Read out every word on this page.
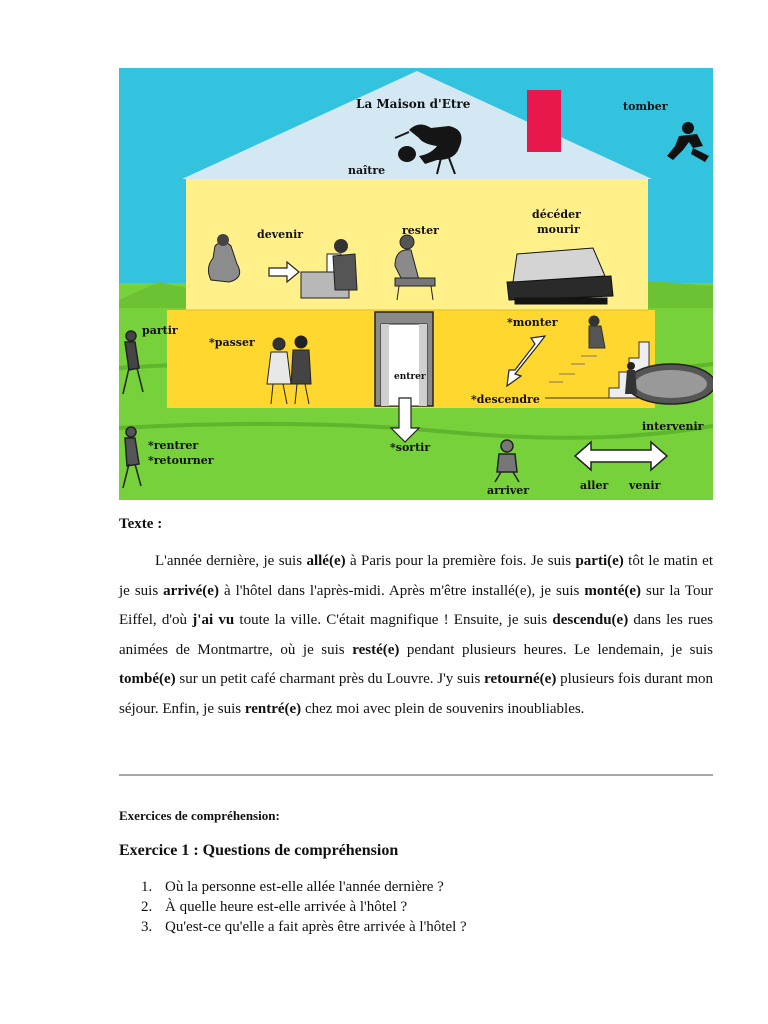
La Maison d'Etre
naître
tomber
devenir	rester
décéder
mourir
partir
*passer
entrer
*monter
*descendre
intervenir
*rentrer
*retourner
*sortir
arriver	aller venir

Texte :

L'année dernière, je suis allé(e) à Paris pour la première fois. Je suis parti(e) tôt le matin et je suis arrivé(e) à l'hôtel dans l'après-midi. Après m'être installé(e), je suis monté(e) sur la Tour Eiffel, d'où j'ai vu toute la ville. C'était magnifique ! Ensuite, je suis descendu(e) dans les rues animées de Montmartre, où je suis resté(e) pendant plusieurs heures. Le lendemain, je suis tombé(e) sur un petit café charmant près du Louvre. J'y suis retourné(e) plusieurs fois durant mon séjour. Enfin, je suis rentré(e) chez moi avec plein de souvenirs inoubliables.

Exercices de compréhension:

Exercice 1 : Questions de compréhension

1. Où la personne est-elle allée l'année dernière ?
2. À quelle heure est-elle arrivée à l'hôtel ?
3. Qu'est-ce qu'elle a fait après être arrivée à l'hôtel ?
